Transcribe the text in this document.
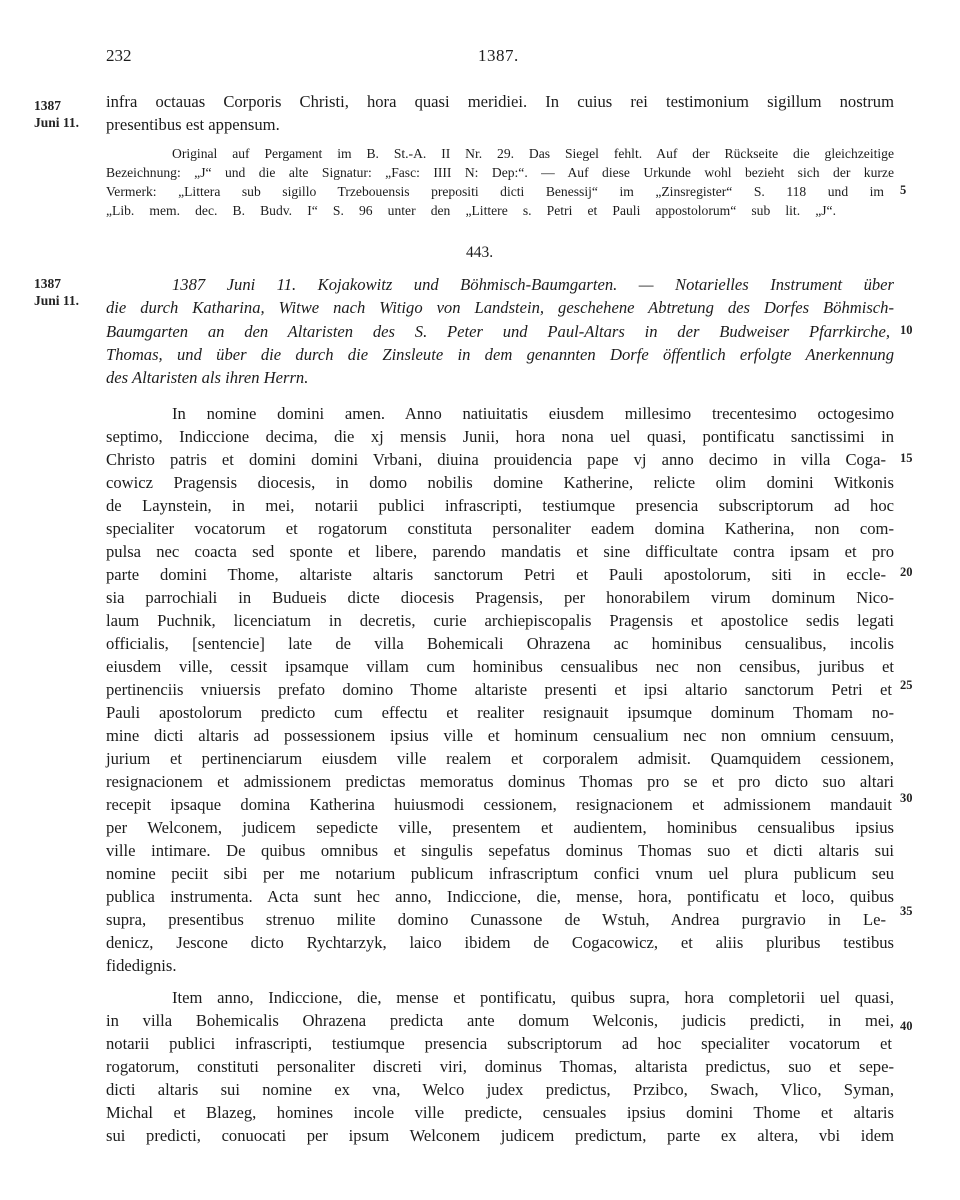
232	1387.
1387
Juni 11.
1387
Juni 11.
5
10
15
20
25
30
35
40
infra octauas Corporis Christi, hora quasi meridiei. In cuius rei testimonium sigillum nostrum
presentibus est appensum.
Original auf Pergament im B. St.-A. II Nr. 29. Das Siegel fehlt. Auf der Rückseite die gleichzeitige
Bezeichnung: „J“ und die alte Signatur: „Fasc: IIII N: Dep:“. — Auf diese Urkunde wohl bezieht sich der kurze
Vermerk: „Littera sub sigillo Trzebouensis prepositi dicti Benessij“ im „Zinsregister“ S. 118 und im
„Lib. mem. dec. B. Budv. I“ S. 96 unter den „Littere s. Petri et Pauli appostolorum“ sub lit. „J“.
443.
1387 Juni 11. Kojakowitz und Böhmisch-Baumgarten. — Notarielles Instrument über
die durch Katharina, Witwe nach Witigo von Landstein, geschehene Abtretung des Dorfes Böhmisch-
Baumgarten an den Altaristen des S. Peter und Paul-Altars in der Budweiser Pfarrkirche,
Thomas, und über die durch die Zinsleute in dem genannten Dorfe öffentlich erfolgte Anerkennung
des Altaristen als ihren Herrn.
In nomine domini amen. Anno natiuitatis eiusdem millesimo trecentesimo octogesimo
septimo, Indiccione decima, die xj mensis Junii, hora nona uel quasi, pontificatu sanctissimi in
Christo patris et domini domini Vrbani, diuina prouidencia pape vj anno decimo in villa Coga-
cowicz Pragensis diocesis, in domo nobilis domine Katherine, relicte olim domini Witkonis
de Laynstein, in mei, notarii publici infrascripti, testiumque presencia subscriptorum ad hoc
specialiter vocatorum et rogatorum constituta personaliter eadem domina Katherina, non com-
pulsa nec coacta sed sponte et libere, parendo mandatis et sine difficultate contra ipsam et pro
parte domini Thome, altariste altaris sanctorum Petri et Pauli apostolorum, siti in eccle-
sia parrochiali in Budueis dicte diocesis Pragensis, per honorabilem virum dominum Nico-
laum Puchnik, licenciatum in decretis, curie archiepiscopalis Pragensis et apostolice sedis legati
officialis, [sentencie] late de villa Bohemicali Ohrazena ac hominibus censualibus, incolis
eiusdem ville, cessit ipsamque villam cum hominibus censualibus nec non censibus, juribus et
pertinenciis vniuersis prefato domino Thome altariste presenti et ipsi altario sanctorum Petri et
Pauli apostolorum predicto cum effectu et realiter resignauit ipsumque dominum Thomam no-
mine dicti altaris ad possessionem ipsius ville et hominum censualium nec non omnium censuum,
jurium et pertinenciarum eiusdem ville realem et corporalem admisit. Quamquidem cessionem,
resignacionem et admissionem predictas memoratus dominus Thomas pro se et pro dicto suo altari
recepit ipsaque domina Katherina huiusmodi cessionem, resignacionem et admissionem mandauit
per Welconem, judicem sepedicte ville, presentem et audientem, hominibus censualibus ipsius
ville intimare. De quibus omnibus et singulis sepefatus dominus Thomas suo et dicti altaris sui
nomine peciit sibi per me notarium publicum infrascriptum confici vnum uel plura publicum seu
publica instrumenta. Acta sunt hec anno, Indiccione, die, mense, hora, pontificatu et loco, quibus
supra, presentibus strenuo milite domino Cunassone de Wstuh, Andrea purgravio in Le-
denicz, Jescone dicto Rychtarzyk, laico ibidem de Cogacowicz, et aliis pluribus testibus
fidedignis.
Item anno, Indiccione, die, mense et pontificatu, quibus supra, hora completorii uel quasi,
in villa Bohemicalis Ohrazena predicta ante domum Welconis, judicis predicti, in mei,
notarii publici infrascripti, testiumque presencia subscriptorum ad hoc specialiter vocatorum et
rogatorum, constituti personaliter discreti viri, dominus Thomas, altarista predictus, suo et sepe-
dicti altaris sui nomine ex vna, Welco judex predictus, Przibco, Swach, Vlico, Syman,
Michal et Blazeg, homines incole ville predicte, censuales ipsius domini Thome et altaris
sui predicti, conuocati per ipsum Welconem judicem predictum, parte ex altera, vbi idem
